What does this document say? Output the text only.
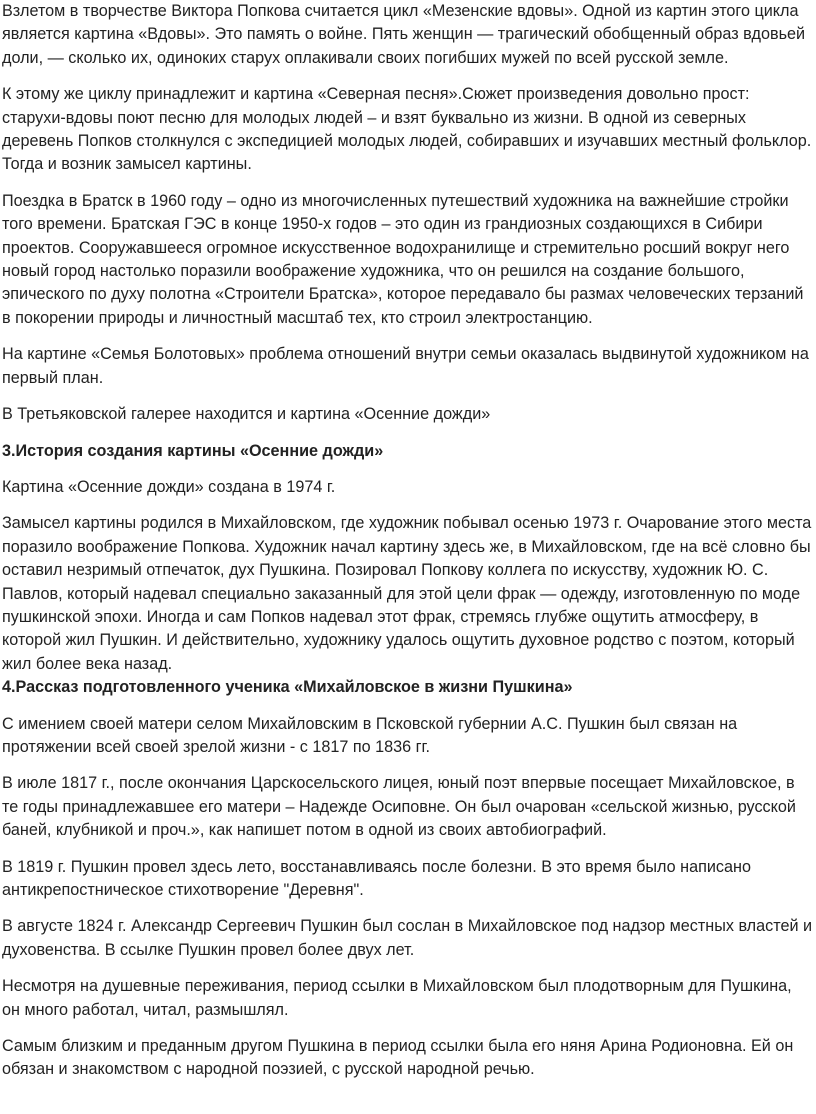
Взлетом в творчестве Виктора Попкова считается цикл «Мезенские вдовы». Одной из картин этого цикла является картина «Вдовы». Это память о войне. Пять женщин — трагический обобщенный образ вдовьей доли, — сколько их, одиноких старух оплакивали своих погибших мужей по всей русской земле.

К этому же циклу принадлежит и картина «Северная песня».Сюжет произведения довольно прост: старухи-вдовы поют песню для молодых людей – и взят буквально из жизни. В одной из северных деревень Попков столкнулся с экспедицией молодых людей, собиравших и изучавших местный фольклор. Тогда и возник замысел картины.

Поездка в Братск в 1960 году – одно из многочисленных путешествий художника на важнейшие стройки того времени. Братская ГЭС в конце 1950-х годов – это один из грандиозных создающихся в Сибири проектов. Сооружавшееся огромное искусственное водохранилище и стремительно росший вокруг него новый город настолько поразили воображение художника, что он решился на создание большого, эпического по духу полотна «Строители Братска», которое передавало бы размах человеческих терзаний в покорении природы и личностный масштаб тех, кто строил электростанцию.

На картине «Семья Болотовых» проблема отношений внутри семьи оказалась выдвинутой художником на первый план.

В Третьяковской галерее находится и картина «Осенние дожди»

3.История создания картины «Осенние дожди»

Картина «Осенние дожди» создана в 1974 г.

Замысел картины родился в Михайловском, где художник побывал осенью 1973 г. Очарование этого места поразило воображение Попкова. Художник начал картину здесь же, в Михайловском, где на всё словно бы оставил незримый отпечаток, дух Пушкина. Позировал Попкову коллега по искусству, художник Ю. С. Павлов, который надевал специально заказанный для этой цели фрак — одежду, изготовленную по моде пушкинской эпохи. Иногда и сам Попков надевал этот фрак, стремясь глубже ощутить атмосферу, в которой жил Пушкин. И действительно, художнику удалось ощутить духовное родство с поэтом, который жил более века назад.

4.Рассказ подготовленного ученика «Михайловское в жизни Пушкина»

С имением своей матери селом Михайловским в Псковской губернии А.С. Пушкин был связан на протяжении всей своей зрелой жизни - с 1817 по 1836 гг.

В июле 1817 г., после окончания Царскосельского лицея, юный поэт впервые посещает Михайловское, в те годы принадлежавшее его матери – Надежде Осиповне. Он был очарован «сельской жизнью, русской баней, клубникой и проч.», как напишет потом в одной из своих автобиографий.

В 1819 г. Пушкин провел здесь лето, восстанавливаясь после болезни. В это время было написано антикрепостническое стихотворение "Деревня".

В августе 1824 г. Александр Сергеевич Пушкин был сослан в Михайловское под надзор местных властей и духовенства. В ссылке Пушкин провел более двух лет.

Несмотря на душевные переживания, период ссылки в Михайловском был плодотворным для Пушкина, он много работал, читал, размышлял.

Самым близким и преданным другом Пушкина в период ссылки была его няня Арина Родионовна. Ей он обязан и знакомством с народной поэзией, с русской народной речью.
